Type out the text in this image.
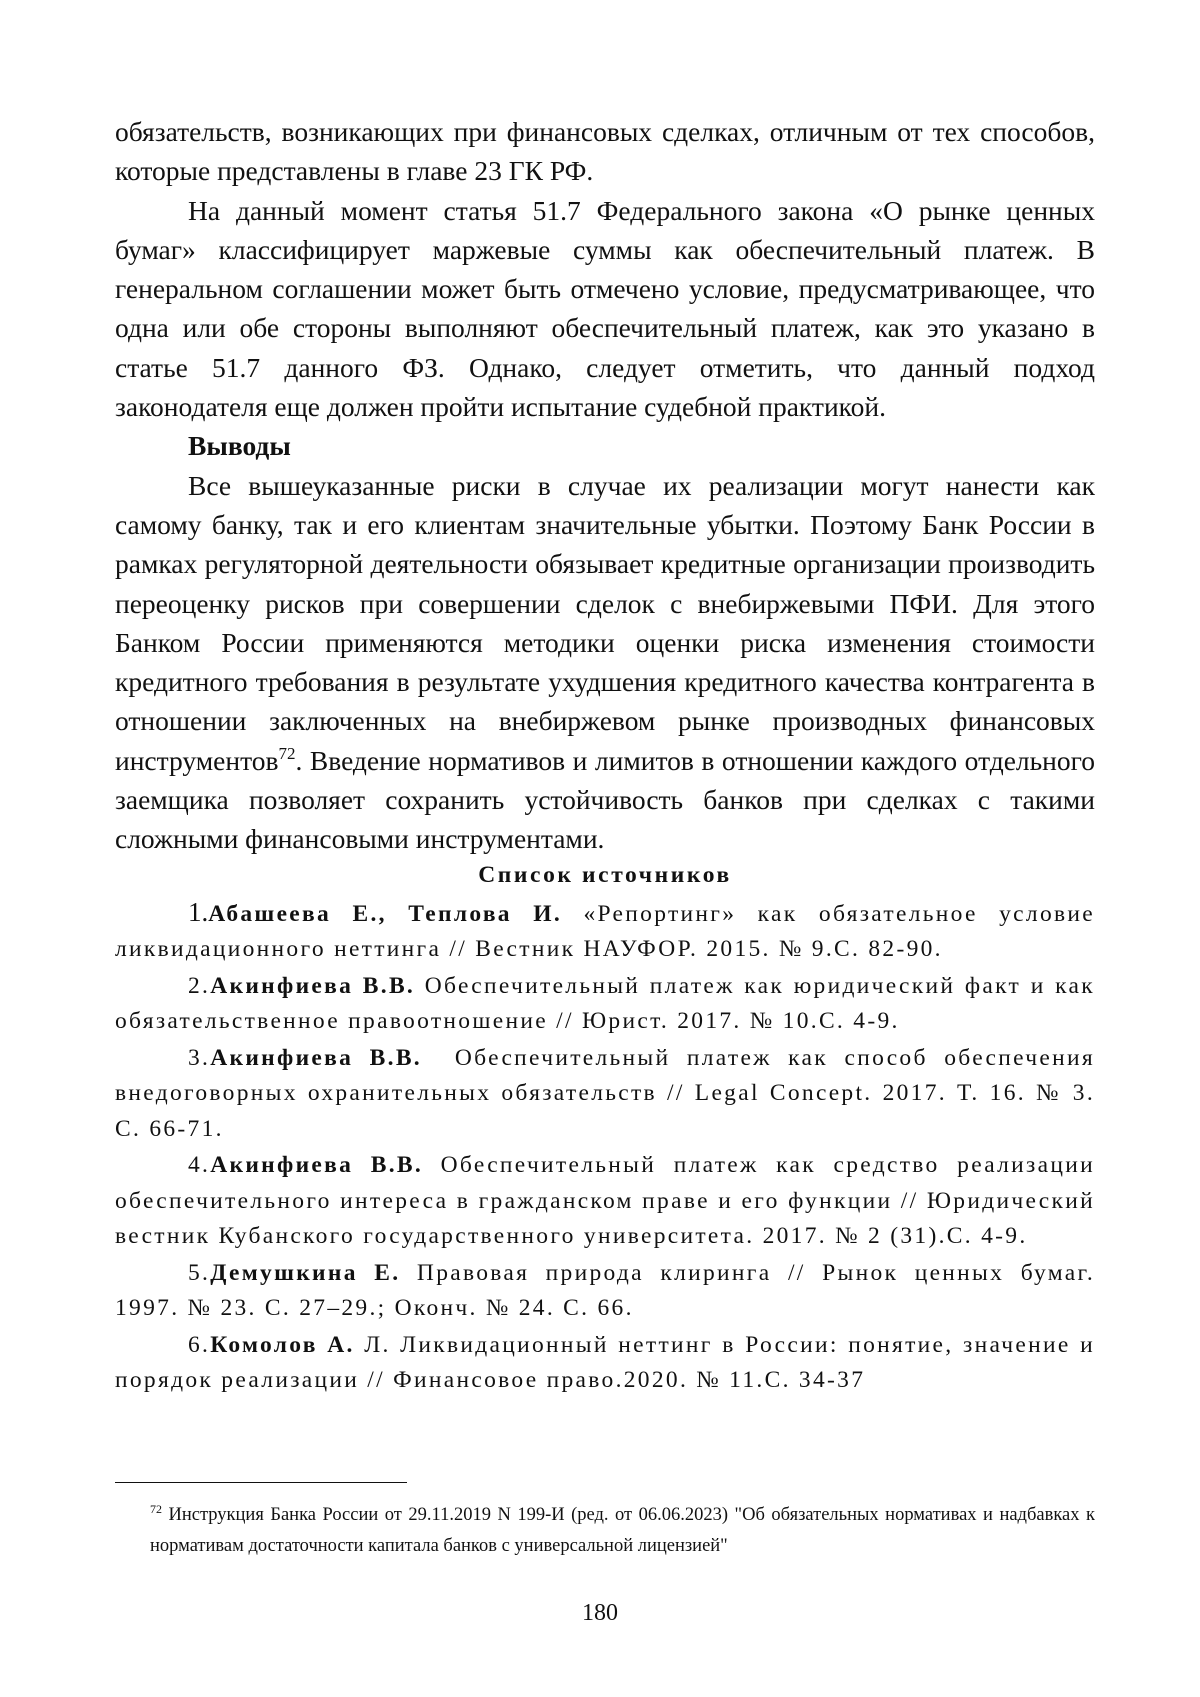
обязательств, возникающих при финансовых сделках, отличным от тех способов, которые представлены в главе 23 ГК РФ.

На данный момент статья 51.7 Федерального закона «О рынке ценных бумаг» классифицирует маржевые суммы как обеспечительный платеж. В генеральном соглашении может быть отмечено условие, предусматривающее, что одна или обе стороны выполняют обеспечительный платеж, как это указано в статье 51.7 данного ФЗ. Однако, следует отметить, что данный подход законодателя еще должен пройти испытание судебной практикой.

Выводы

Все вышеуказанные риски в случае их реализации могут нанести как самому банку, так и его клиентам значительные убытки. Поэтому Банк России в рамках регуляторной деятельности обязывает кредитные организации производить переоценку рисков при совершении сделок с внебиржевыми ПФИ. Для этого Банком России применяются методики оценки риска изменения стоимости кредитного требования в результате ухудшения кредитного качества контрагента в отношении заключенных на внебиржевом рынке производных финансовых инструментов$^{72}$. Введение нормативов и лимитов в отношении каждого отдельного заемщика позволяет сохранить устойчивость банков при сделках с такими сложными финансовыми инструментами.

Список источников

1.Абашеева Е., Теплова И. «Репортинг» как обязательное условие ликвидационного неттинга // Вестник НАУФОР. 2015. № 9.С. 82-90.

2.Акинфиева В.В. Обеспечительный платеж как юридический факт и как обязательственное правоотношение // Юрист. 2017. № 10.С. 4-9.

3.Акинфиева В.В.  Обеспечительный платеж как способ обеспечения внедоговорных охранительных обязательств // Legal Concept. 2017. Т. 16. № 3. С. 66-71.

4.Акинфиева В.В. Обеспечительный платеж как средство реализации обеспечительного интереса в гражданском праве и его функции // Юридический вестник Кубанского государственного университета. 2017. № 2 (31).С. 4-9.

5.Демушкина Е. Правовая природа клиринга // Рынок ценных бумаг. 1997. № 23. С. 27–29.; Оконч. № 24. С. 66.

6.Комолов А. Л. Ликвидационный неттинг в России: понятие, значение и порядок реализации // Финансовое право.2020. № 11.С. 34-37

$^{72}$ Инструкция Банка России от 29.11.2019 N 199-И (ред. от 06.06.2023) "Об обязательных нормативах и надбавках к нормативам достаточности капитала банков с универсальной лицензией"
180
